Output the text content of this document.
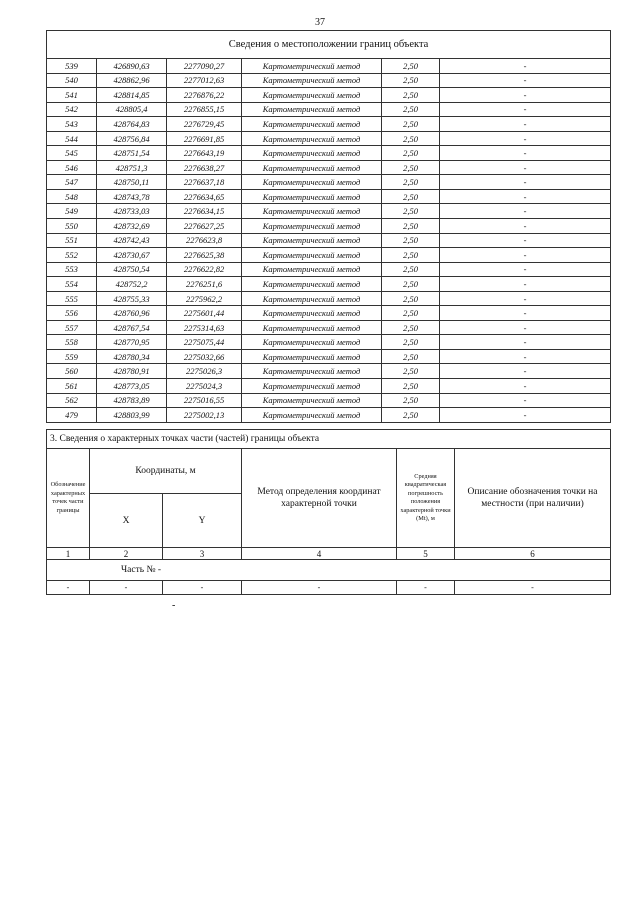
37
Сведения о местоположении границ объекта					
539	426890,63	2277090,27	Картометрический метод	2,50	-
540	428862,96	2277012,63	Картометрический метод	2,50	-
541	428814,85	2276876,22	Картометрический метод	2,50	-
542	428805,4	2276855,15	Картометрический метод	2,50	-
543	428764,83	2276729,45	Картометрический метод	2,50	-
544	428756,84	2276691,85	Картометрический метод	2,50	-
545	428751,54	2276643,19	Картометрический метод	2,50	-
546	428751,3	2276638,27	Картометрический метод	2,50	-
547	428750,11	2276637,18	Картометрический метод	2,50	-
548	428743,78	2276634,65	Картометрический метод	2,50	-
549	428733,03	2276634,15	Картометрический метод	2,50	-
550	428732,69	2276627,25	Картометрический метод	2,50	-
551	428742,43	2276623,8	Картометрический метод	2,50	-
552	428730,67	2276625,38	Картометрический метод	2,50	-
553	428750,54	2276622,82	Картометрический метод	2,50	-
554	428752,2	2276251,6	Картометрический метод	2,50	-
555	428755,33	2275962,2	Картометрический метод	2,50	-
556	428760,96	2275601,44	Картометрический метод	2,50	-
557	428767,54	2275314,63	Картометрический метод	2,50	-
558	428770,95	2275075,44	Картометрический метод	2,50	-
559	428780,34	2275032,66	Картометрический метод	2,50	-
560	428780,91	2275026,3	Картометрический метод	2,50	-
561	428773,05	2275024,3	Картометрический метод	2,50	-
562	428783,89	2275016,55	Картометрический метод	2,50	-
479	428803,99	2275002,13	Картометрический метод	2,50	-
3. Сведения о характерных точках части (частей) границы объекта					
Обозначение характерных точек части границы	Координаты, м		Метод определения координат характерной точки	Средняя квадратическая погрешность положения характерной точки (Мt), м	Описание обозначения точки на местности (при наличии)
	X	Y			
1	2	3	4	5	6
Часть № -					
-	-	-	-	-	-
-
